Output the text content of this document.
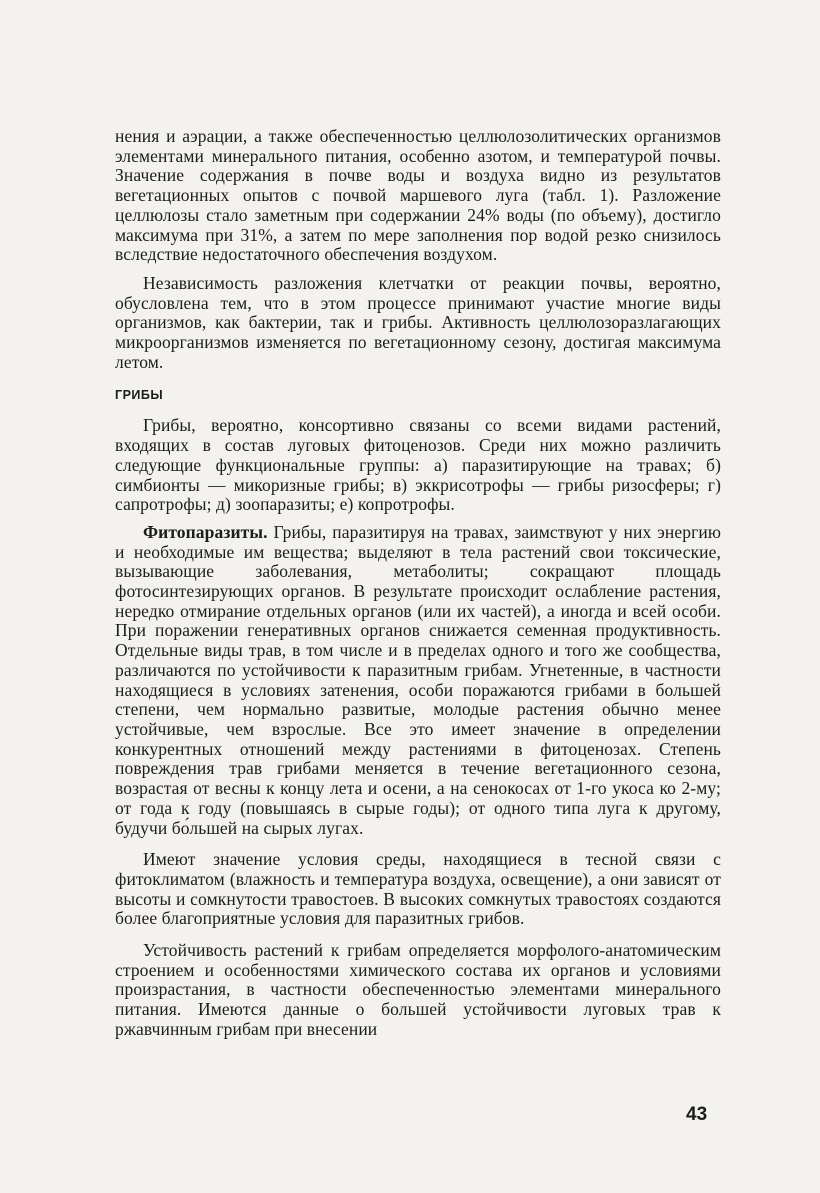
нения и аэрации, а также обеспеченностью целлюлозолитических организмов элементами минерального питания, особенно азотом, и температурой почвы. Значение содержания в почве воды и воздуха видно из результатов вегетационных опытов с почвой маршевого луга (табл. 1). Разложение целлюлозы стало заметным при содержании 24% воды (по объему), достигло максимума при 31%, а затем по мере заполнения пор водой резко снизилось вследствие недостаточного обеспечения воздухом.

Независимость разложения клетчатки от реакции почвы, вероятно, обусловлена тем, что в этом процессе принимают участие многие виды организмов, как бактерии, так и грибы. Активность целлюлозоразлагающих микроорганизмов изменяется по вегетационному сезону, достигая максимума летом.

ГРИБЫ

Грибы, вероятно, консортивно связаны со всеми видами растений, входящих в состав луговых фитоценозов. Среди них можно различить следующие функциональные группы: а) паразитирующие на травах; б) симбионты — микоризные грибы; в) эккрисотрофы — грибы ризосферы; г) сапротрофы; д) зоопаразиты; е) копротрофы.

Фитопаразиты. Грибы, паразитируя на травах, заимствуют у них энергию и необходимые им вещества; выделяют в тела растений свои токсические, вызывающие заболевания, метаболиты; сокращают площадь фотосинтезирующих органов. В результате происходит ослабление растения, нередко отмирание отдельных органов (или их частей), а иногда и всей особи. При поражении генеративных органов снижается семенная продуктивность. Отдельные виды трав, в том числе и в пределах одного и того же сообщества, различаются по устойчивости к паразитным грибам. Угнетенные, в частности находящиеся в условиях затенения, особи поражаются грибами в большей степени, чем нормально развитые, молодые растения обычно менее устойчивые, чем взрослые. Все это имеет значение в определении конкурентных отношений между растениями в фитоценозах. Степень повреждения трав грибами меняется в течение вегетационного сезона, возрастая от весны к концу лета и осени, а на сенокосах от 1-го укоса ко 2-му; от года к году (повышаясь в сырые годы); от одного типа луга к другому, будучи бо́льшей на сырых лугах.

Имеют значение условия среды, находящиеся в тесной связи с фитоклиматом (влажность и температура воздуха, освещение), а они зависят от высоты и сомкнутости травостоев. В высоких сомкнутых травостоях создаются более благоприятные условия для паразитных грибов.

Устойчивость растений к грибам определяется морфолого-анатомическим строением и особенностями химического состава их органов и условиями произрастания, в частности обеспеченностью элементами минерального питания. Имеются данные о большей устойчивости луговых трав к ржавчинным грибам при внесении

43
